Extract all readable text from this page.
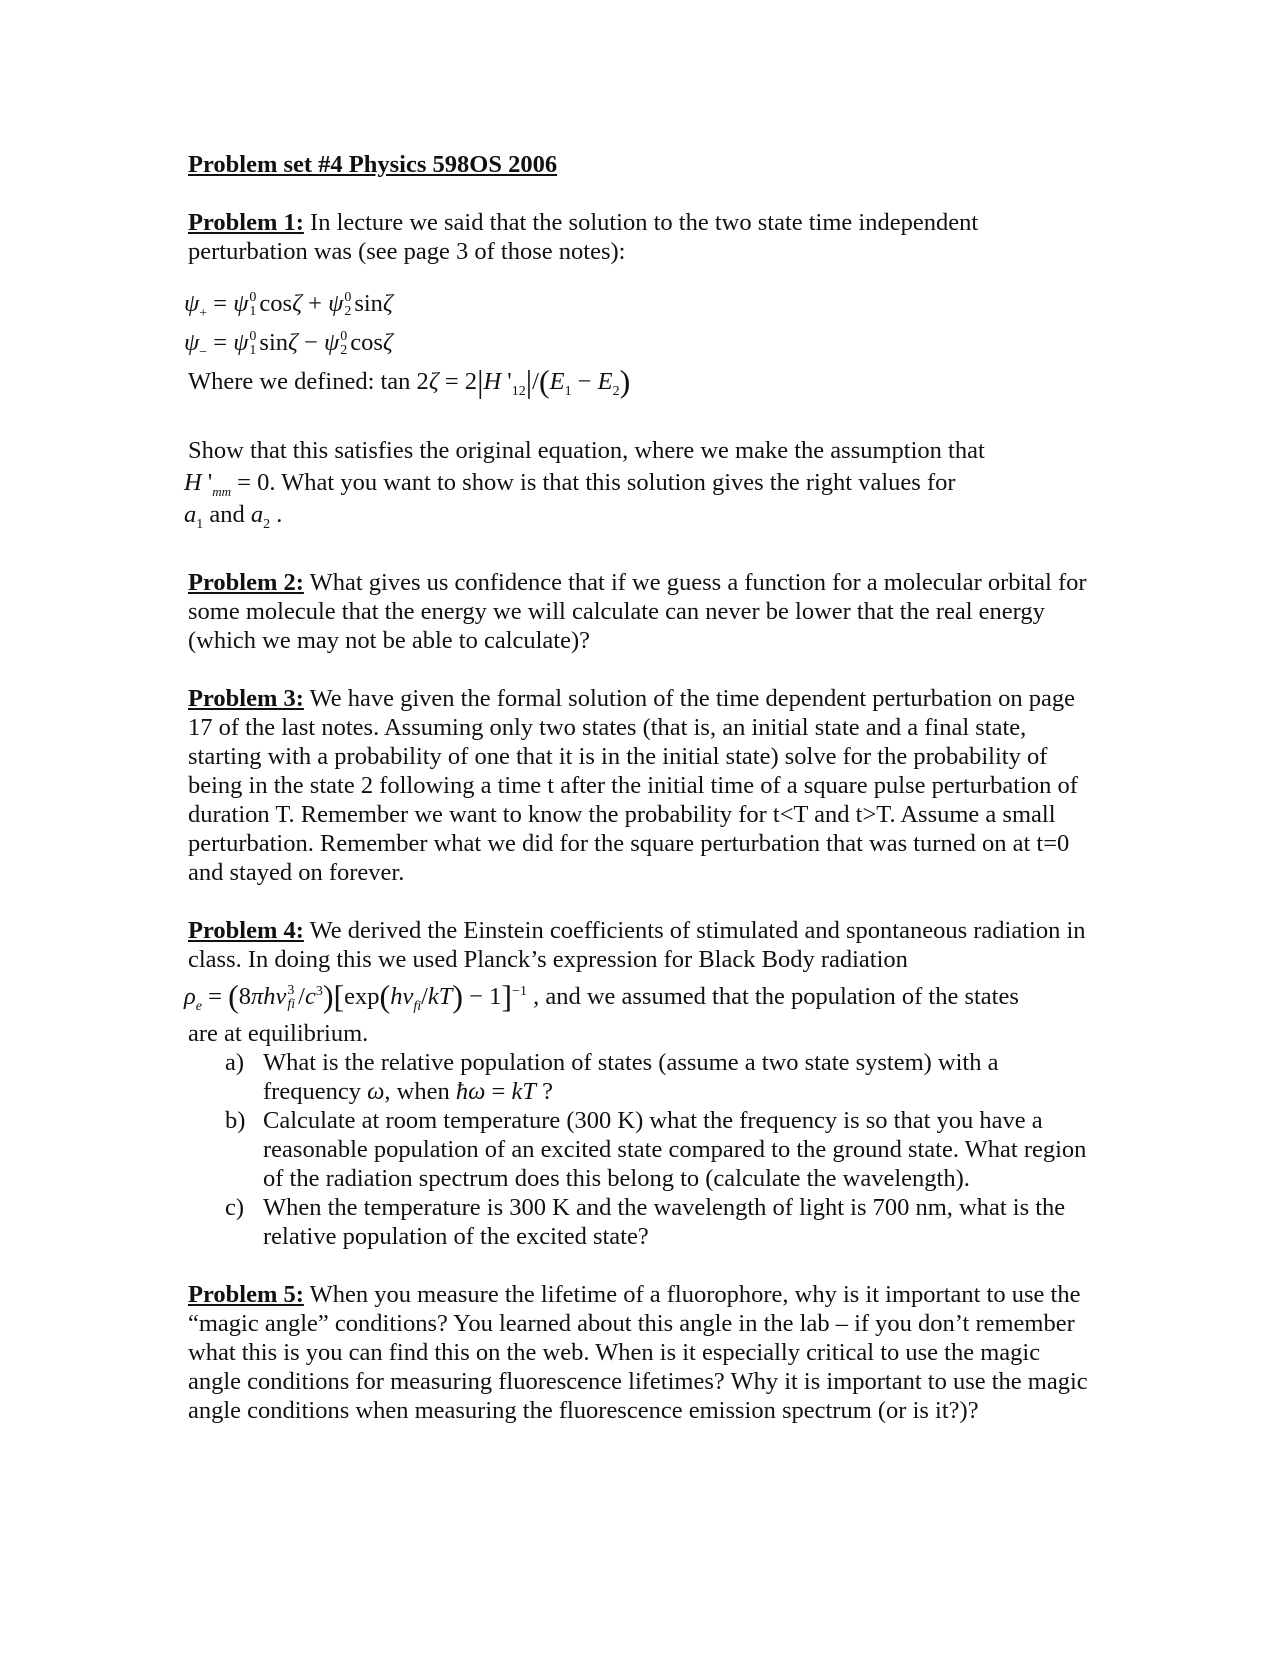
Problem set #4 Physics 598OS 2006
Problem 1: In lecture we said that the solution to the two state time independent perturbation was (see page 3 of those notes):
$\psi_+ = \psi$ 0
1 cosζ + ψ 0
2 sinζ
$\psi_- = \psi$ 0
1 sinζ − ψ 0
2 cosζ
Where we defined: tan 2ζ = 2|H '$_{12}|/(E_1 - E_2)$
Show that this satisfies the original equation, where we make the assumption that
H '$_{mm} = 0$. What you want to show is that this solution gives the right values for
$a_1$ and $a_2$ .
Problem 2: What gives us confidence that if we guess a function for a molecular orbital for some molecule that the energy we will calculate can never be lower that the real energy (which we may not be able to calculate)?
Problem 3: We have given the formal solution of the time dependent perturbation on page 17 of the last notes. Assuming only two states (that is, an initial state and a final state, starting with a probability of one that it is in the initial state) solve for the probability of being in the state 2 following a time t after the initial time of a square pulse perturbation of duration T. Remember we want to know the probability for t<T and t>T. Assume a small perturbation. Remember what we did for the square perturbation that was turned on at t=0 and stayed on forever.
Problem 4: We derived the Einstein coefficients of stimulated and spontaneous radiation in class. In doing this we used Planck’s expression for Black Body radiation
$\rho_e = (8\pi h\nu$ 3
fi $/c^3)[\exp(h\nu_{fi}/kT) - 1]^{-1}$ , and we assumed that the population of the states
are at equilibrium.
a) What is the relative population of states (assume a two state system) with a frequency ω, when ħω = kT ?
b) Calculate at room temperature (300 K) what the frequency is so that you have a reasonable population of an excited state compared to the ground state. What region of the radiation spectrum does this belong to (calculate the wavelength).
c) When the temperature is 300 K and the wavelength of light is 700 nm, what is the relative population of the excited state?
Problem 5: When you measure the lifetime of a fluorophore, why is it important to use the “magic angle” conditions? You learned about this angle in the lab – if you don’t remember what this is you can find this on the web. When is it especially critical to use the magic angle conditions for measuring fluorescence lifetimes? Why it is important to use the magic angle conditions when measuring the fluorescence emission spectrum (or is it?)?
